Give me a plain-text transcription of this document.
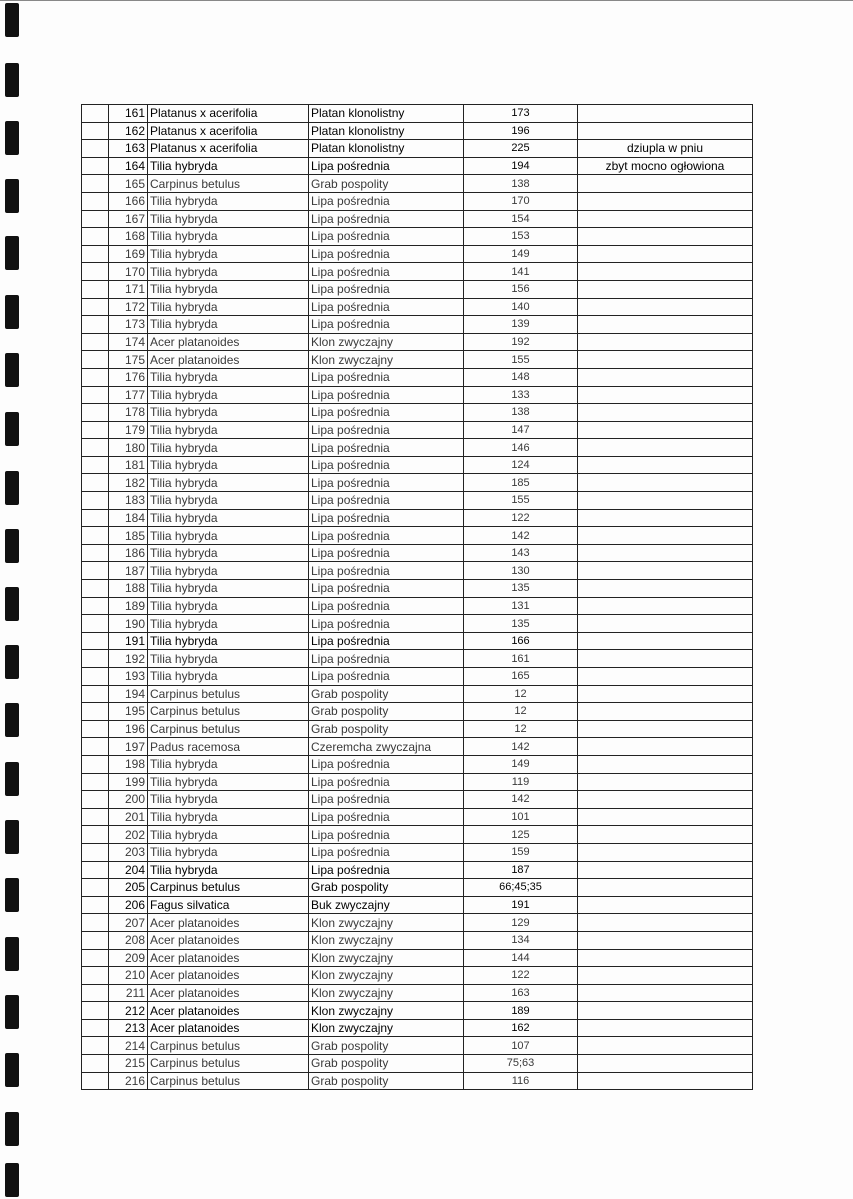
	161	Platanus x acerifolia	Platan klonolistny	173	
	162	Platanus x acerifolia	Platan klonolistny	196	
	163	Platanus x acerifolia	Platan klonolistny	225	dziupla w pniu
	164	Tilia hybryda	Lipa pośrednia	194	zbyt mocno ogłowiona
	165	Carpinus betulus	Grab pospolity	138	
	166	Tilia hybryda	Lipa pośrednia	170	
	167	Tilia hybryda	Lipa pośrednia	154	
	168	Tilia hybryda	Lipa pośrednia	153	
	169	Tilia hybryda	Lipa pośrednia	149	
	170	Tilia hybryda	Lipa pośrednia	141	
	171	Tilia hybryda	Lipa pośrednia	156	
	172	Tilia hybryda	Lipa pośrednia	140	
	173	Tilia hybryda	Lipa pośrednia	139	
	174	Acer platanoides	Klon zwyczajny	192	
	175	Acer platanoides	Klon zwyczajny	155	
	176	Tilia hybryda	Lipa pośrednia	148	
	177	Tilia hybryda	Lipa pośrednia	133	
	178	Tilia hybryda	Lipa pośrednia	138	
	179	Tilia hybryda	Lipa pośrednia	147	
	180	Tilia hybryda	Lipa pośrednia	146	
	181	Tilia hybryda	Lipa pośrednia	124	
	182	Tilia hybryda	Lipa pośrednia	185	
	183	Tilia hybryda	Lipa pośrednia	155	
	184	Tilia hybryda	Lipa pośrednia	122	
	185	Tilia hybryda	Lipa pośrednia	142	
	186	Tilia hybryda	Lipa pośrednia	143	
	187	Tilia hybryda	Lipa pośrednia	130	
	188	Tilia hybryda	Lipa pośrednia	135	
	189	Tilia hybryda	Lipa pośrednia	131	
	190	Tilia hybryda	Lipa pośrednia	135	
	191	Tilia hybryda	Lipa pośrednia	166	
	192	Tilia hybryda	Lipa pośrednia	161	
	193	Tilia hybryda	Lipa pośrednia	165	
	194	Carpinus betulus	Grab pospolity	12	
	195	Carpinus betulus	Grab pospolity	12	
	196	Carpinus betulus	Grab pospolity	12	
	197	Padus racemosa	Czeremcha zwyczajna	142	
	198	Tilia hybryda	Lipa pośrednia	149	
	199	Tilia hybryda	Lipa pośrednia	119	
	200	Tilia hybryda	Lipa pośrednia	142	
	201	Tilia hybryda	Lipa pośrednia	101	
	202	Tilia hybryda	Lipa pośrednia	125	
	203	Tilia hybryda	Lipa pośrednia	159	
	204	Tilia hybryda	Lipa pośrednia	187	
	205	Carpinus betulus	Grab pospolity	66;45;35	
	206	Fagus silvatica	Buk zwyczajny	191	
	207	Acer platanoides	Klon zwyczajny	129	
	208	Acer platanoides	Klon zwyczajny	134	
	209	Acer platanoides	Klon zwyczajny	144	
	210	Acer platanoides	Klon zwyczajny	122	
	211	Acer platanoides	Klon zwyczajny	163	
	212	Acer platanoides	Klon zwyczajny	189	
	213	Acer platanoides	Klon zwyczajny	162	
	214	Carpinus betulus	Grab pospolity	107	
	215	Carpinus betulus	Grab pospolity	75;63	
	216	Carpinus betulus	Grab pospolity	116	
